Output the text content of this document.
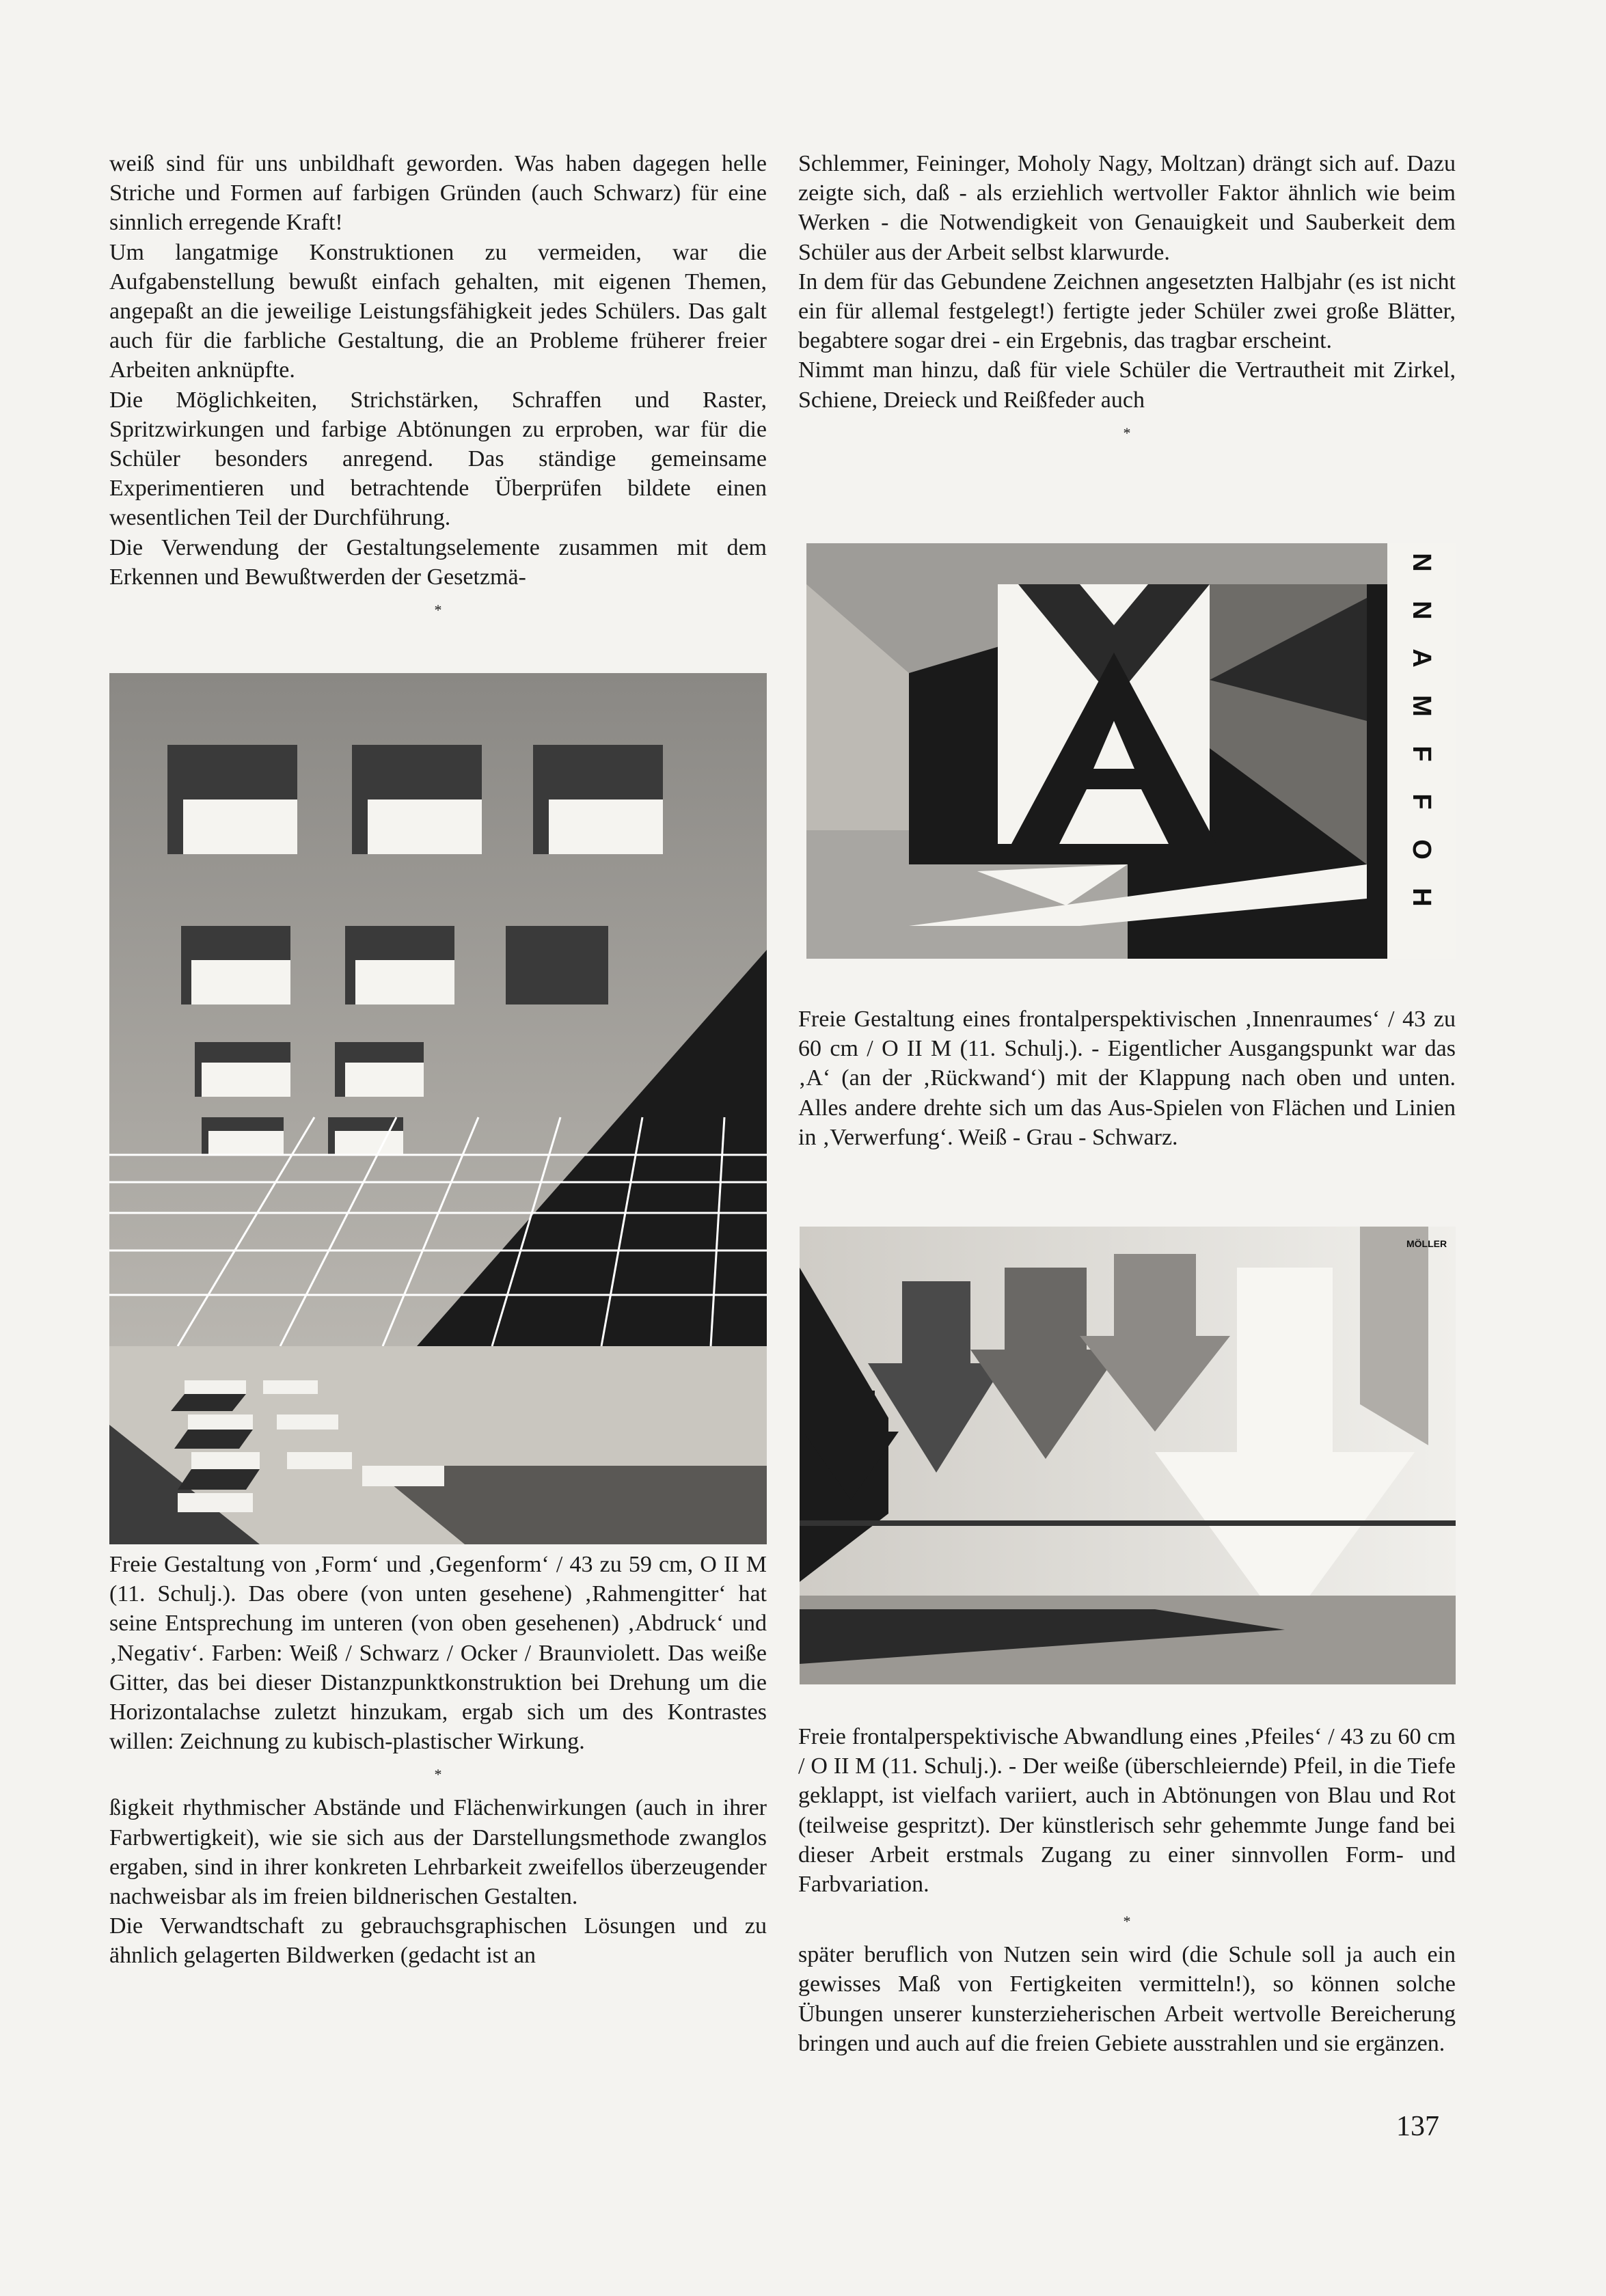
weiß sind für uns unbildhaft geworden. Was haben dagegen helle Striche und Formen auf farbigen Gründen (auch Schwarz) für eine sinnlich erregende Kraft!

Um langatmige Konstruktionen zu vermeiden, war die Aufgabenstellung bewußt einfach gehalten, mit eigenen Themen, angepaßt an die jeweilige Leistungsfähigkeit jedes Schülers. Das galt auch für die farbliche Gestaltung, die an Probleme früherer freier Arbeiten anknüpfte.

Die Möglichkeiten, Strichstärken, Schraffen und Raster, Spritzwirkungen und farbige Abtönungen zu erproben, war für die Schüler besonders anregend. Das ständige gemeinsame Experimentieren und betrachtende Überprüfen bildete einen wesentlichen Teil der Durchführung.

Die Verwendung der Gestaltungselemente zusammen mit dem Erkennen und Bewußtwerden der Gesetzmä-

*

Freie Gestaltung von ‚Form‘ und ‚Gegenform‘ / 43 zu 59 cm, O II M (11. Schulj.). Das obere (von unten gesehene) ‚Rahmengitter‘ hat seine Entsprechung im unteren (von oben gesehenen) ‚Abdruck‘ und ‚Negativ‘. Farben: Weiß / Schwarz / Ocker / Braunviolett. Das weiße Gitter, das bei dieser Distanzpunktkonstruktion bei Drehung um die Horizontalachse zuletzt hinzukam, ergab sich um des Kontrastes willen: Zeichnung zu kubisch-plastischer Wirkung.

*

ßigkeit rhythmischer Abstände und Flächenwirkungen (auch in ihrer Farbwertigkeit), wie sie sich aus der Darstellungsmethode zwanglos ergaben, sind in ihrer konkreten Lehrbarkeit zweifellos überzeugender nachweisbar als im freien bildnerischen Gestalten.

Die Verwandtschaft zu gebrauchsgraphischen Lösungen und zu ähnlich gelagerten Bildwerken (gedacht ist an

Schlemmer, Feininger, Moholy Nagy, Moltzan) drängt sich auf. Dazu zeigte sich, daß - als erziehlich wertvoller Faktor ähnlich wie beim Werken - die Notwendigkeit von Genauigkeit und Sauberkeit dem Schüler aus der Arbeit selbst klarwurde.

In dem für das Gebundene Zeichnen angesetzten Halbjahr (es ist nicht ein für allemal festgelegt!) fertigte jeder Schüler zwei große Blätter, begabtere sogar drei - ein Ergebnis, das tragbar erscheint.

Nimmt man hinzu, daß für viele Schüler die Vertrautheit mit Zirkel, Schiene, Dreieck und Reißfeder auch

*
N
N
A
M
F
F
O
H

Freie Gestaltung eines frontalperspektivischen ‚Innenraumes‘ / 43 zu 60 cm / O II M (11. Schulj.). - Eigentlicher Ausgangspunkt war das ‚A‘ (an der ‚Rückwand‘) mit der Klappung nach oben und unten. Alles andere drehte sich um das Aus-Spielen von Flächen und Linien in ‚Verwerfung‘. Weiß - Grau - Schwarz.

MÖLLER

Freie frontalperspektivische Abwandlung eines ‚Pfeiles‘ / 43 zu 60 cm / O II M (11. Schulj.). - Der weiße (überschleiernde) Pfeil, in die Tiefe geklappt, ist vielfach variiert, auch in Abtönungen von Blau und Rot (teilweise gespritzt). Der künstlerisch sehr gehemmte Junge fand bei dieser Arbeit erstmals Zugang zu einer sinnvollen Form- und Farbvariation.

*

später beruflich von Nutzen sein wird (die Schule soll ja auch ein gewisses Maß von Fertigkeiten vermitteln!), so können solche Übungen unserer kunsterzieherischen Arbeit wertvolle Bereicherung bringen und auch auf die freien Gebiete ausstrahlen und sie ergänzen.

137
